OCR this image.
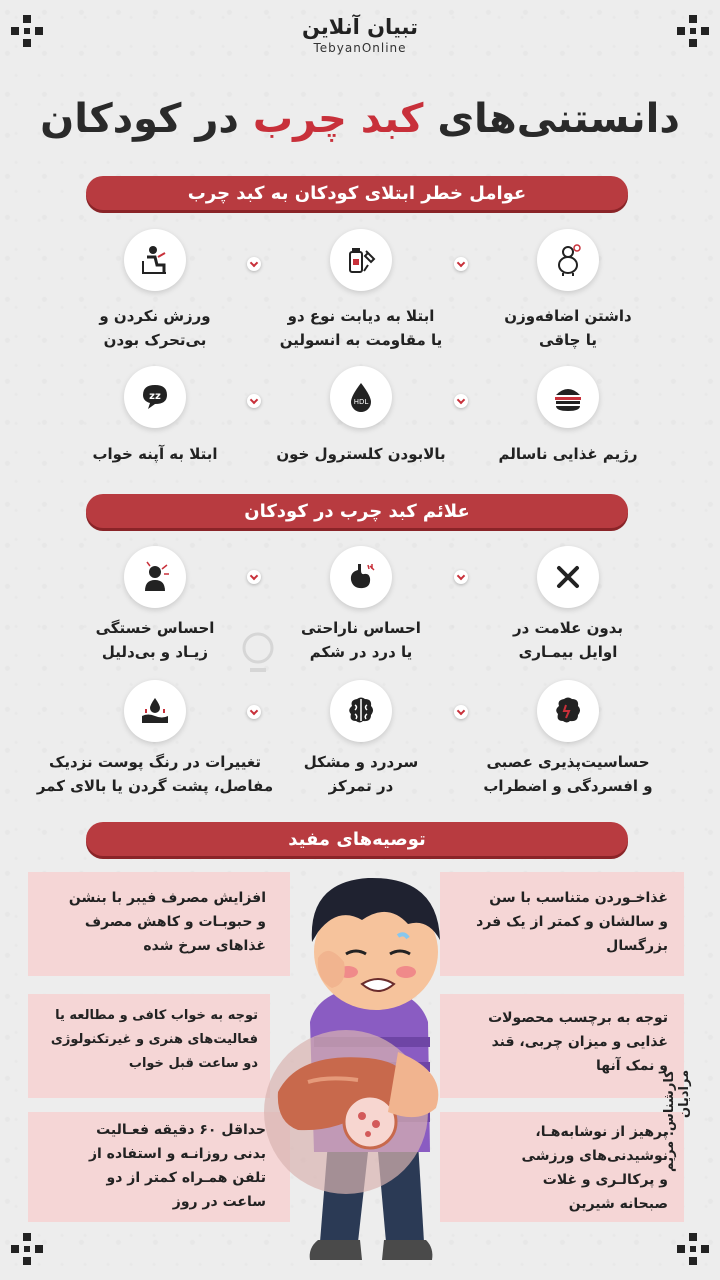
تبیان آنلاین
TebyanOnline
دانستنی‌های کبد چرب در کودکان
عوامل خطر ابتلای کودکان به کبد چرب
داشتن اضافه‌وزن
یا چاقی
ابتلا به دیابت نوع دو
یا مقاومت به انسولین
ورزش نکردن و
بی‌تحرک بودن
HDL
zz
رژیم غذایی ناسالم
بالابودن کلسترول خون
ابتلا به آپنه خواب
علائم کبد چرب در کودکان
بدون علامت در
اوایل بیمـاری
احساس ناراحتی
یا درد در شکم
احساس خستگی
زیـاد و بی‌دلیل
حساسیت‌پذیری عصبی
و افسردگی و اضطراب
سردرد و مشکل
در تمرکز
تغییرات در رنگ پوست نزدیک
مفاصل، پشت گردن یا بالای کمر
توصیه‌های مفید
غذاخـوردن متناسب با سن
و سالشان و کمتر از یک فرد
بزرگسال
توجه به برچسب محصولات
غذایی و میزان چربی، قند
و نمک آنها
پرهیز از نوشابه‌هـا،
نوشیدنی‌های ورزشی
و پرکالـری و غلات
صبحانه شیرین
افزایش مصرف فیبر با بنشن
و حبوبـات و کاهش مصرف
غذاهای سرخ شده
توجه به خواب کافی و مطالعه یا
فعالیت‌های هنری و غیرتکنولوژی
دو ساعت قبل خواب
حداقل ۶۰ دقیقه فعـالیت
بدنی روزانـه و استفاده از
تلفن همـراه کمتر از دو
ساعت در روز
کارشناس: مریم مرادیان
